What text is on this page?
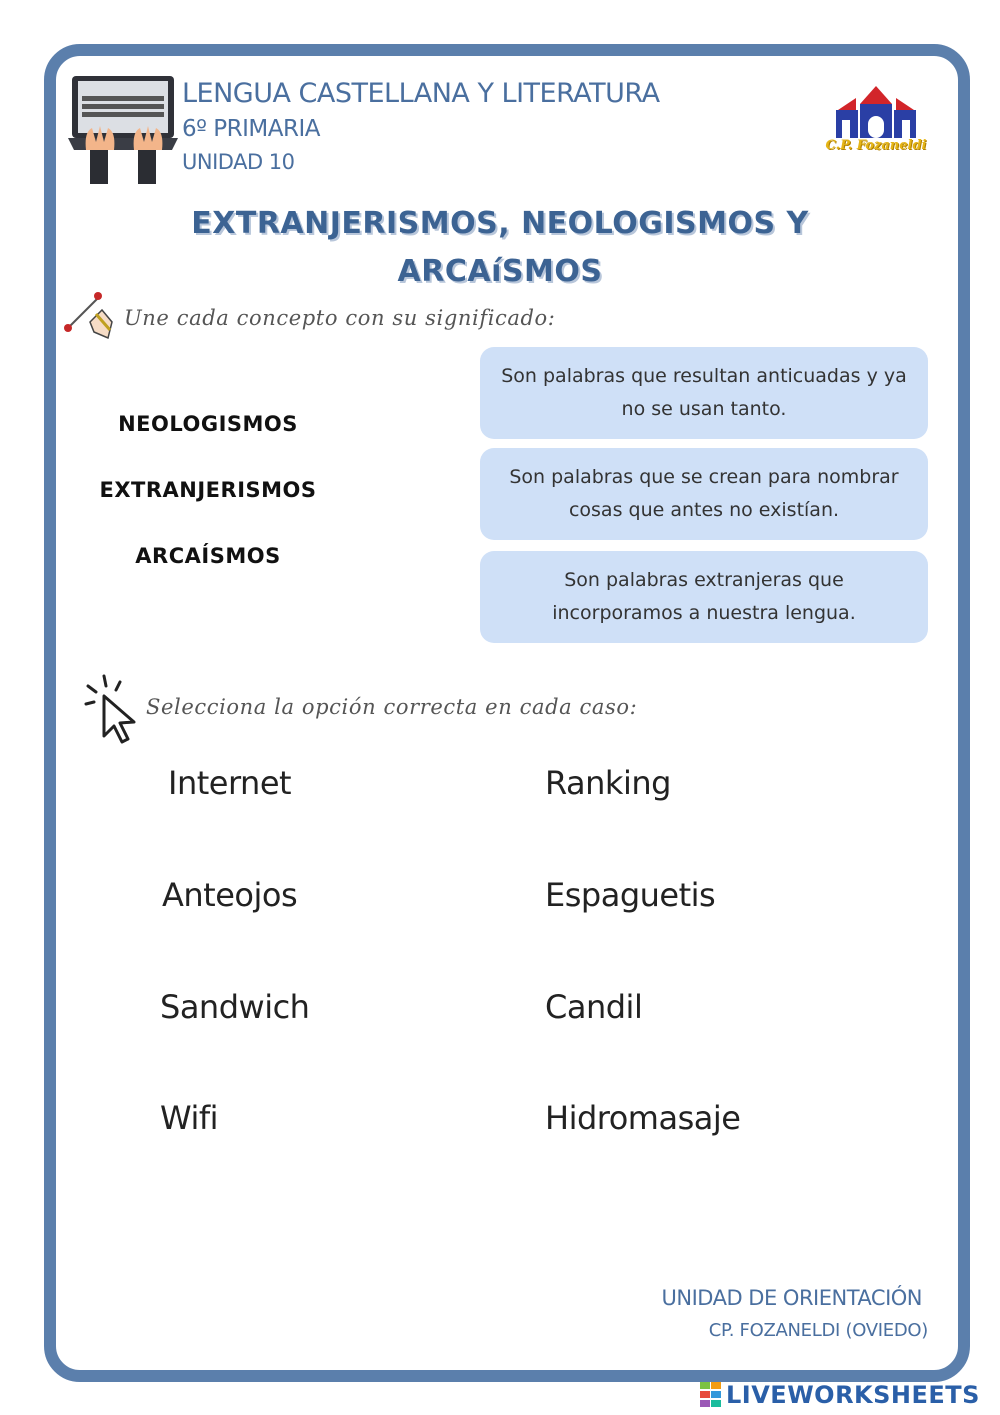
LENGUA CASTELLANA Y LITERATURA
6º PRIMARIA
UNIDAD 10
C.P. Fozaneldi
EXTRANJERISMOS, NEOLOGISMOS Y
ARCAíSMOS
Une cada concepto con su significado:
NEOLOGISMOS
EXTRANJERISMOS
ARCAÍSMOS
Son palabras que resultan anticuadas y ya no se usan tanto.
Son palabras que se crean para nombrar cosas que antes no existían.
Son palabras extranjeras que incorporamos a nuestra lengua.
Selecciona la opción correcta en cada caso:
Internet
Anteojos
Sandwich
Wifi
Ranking
Espaguetis
Candil
Hidromasaje
UNIDAD DE ORIENTACIÓN
CP. FOZANELDI (OVIEDO)
LIVEWORKSHEETS
